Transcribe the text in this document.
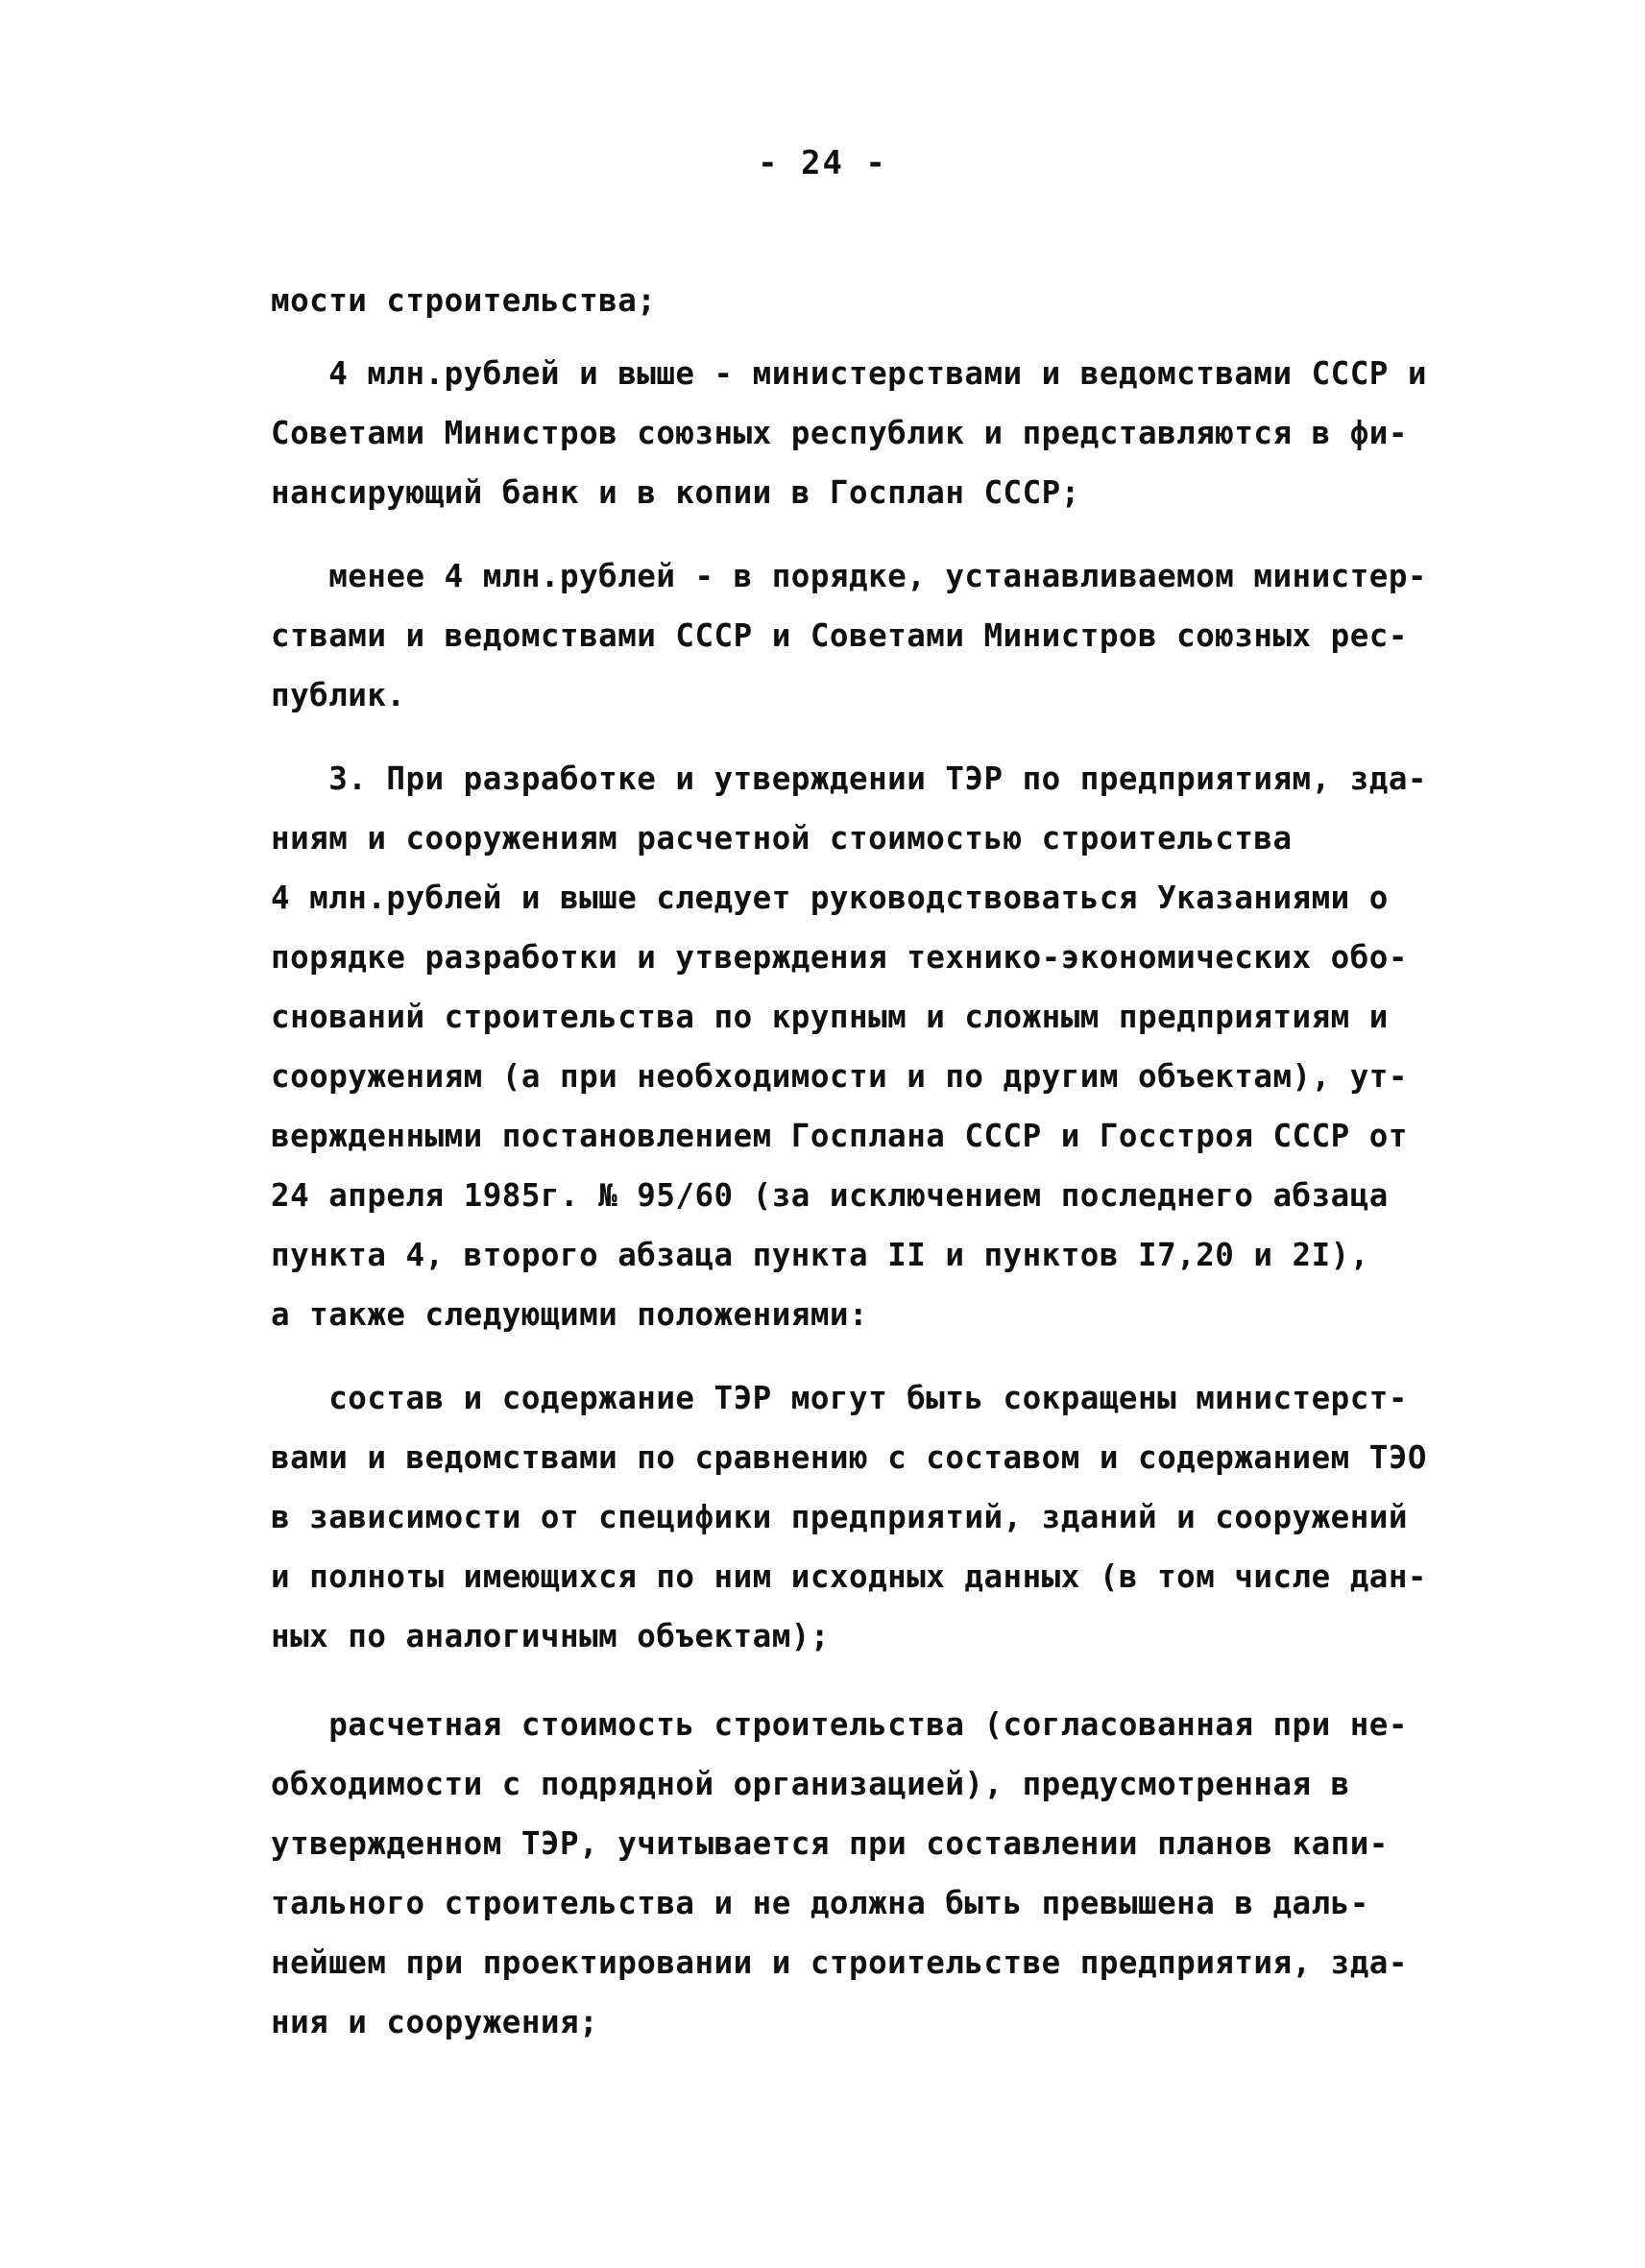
- 24 -
мости строительства;
4 млн.рублей и выше - министерствами и ведомствами СССР и
Советами Министров союзных республик и представляются в фи-
нансирующий банк и в копии в Госплан СССР;
менее 4 млн.рублей - в порядке, устанавливаемом министер-
ствами и ведомствами СССР и Советами Министров союзных рес-
публик.
3. При разработке и утверждении ТЭР по предприятиям, зда-
ниям и сооружениям расчетной стоимостью строительства
4 млн.рублей и выше следует руководствоваться Указаниями о
порядке разработки и утверждения технико-экономических обо-
снований строительства по крупным и сложным предприятиям и
сооружениям (а при необходимости и по другим объектам), ут-
вержденными постановлением Госплана СССР и Госстроя СССР от
24 апреля 1985г. № 95/60 (за исключением последнего абзаца
пункта 4, второго абзаца пункта II и пунктов I7,20 и 2I),
а также следующими положениями:
состав и содержание ТЭР могут быть сокращены министерст-
вами и ведомствами по сравнению с составом и содержанием ТЭО
в зависимости от специфики предприятий, зданий и сооружений
и полноты имеющихся по ним исходных данных (в том числе дан-
ных по аналогичным объектам);
расчетная стоимость строительства (согласованная при не-
обходимости с подрядной организацией), предусмотренная в
утвержденном ТЭР, учитывается при составлении планов капи-
тального строительства и не должна быть превышена в даль-
нейшем при проектировании и строительстве предприятия, зда-
ния и сооружения;
